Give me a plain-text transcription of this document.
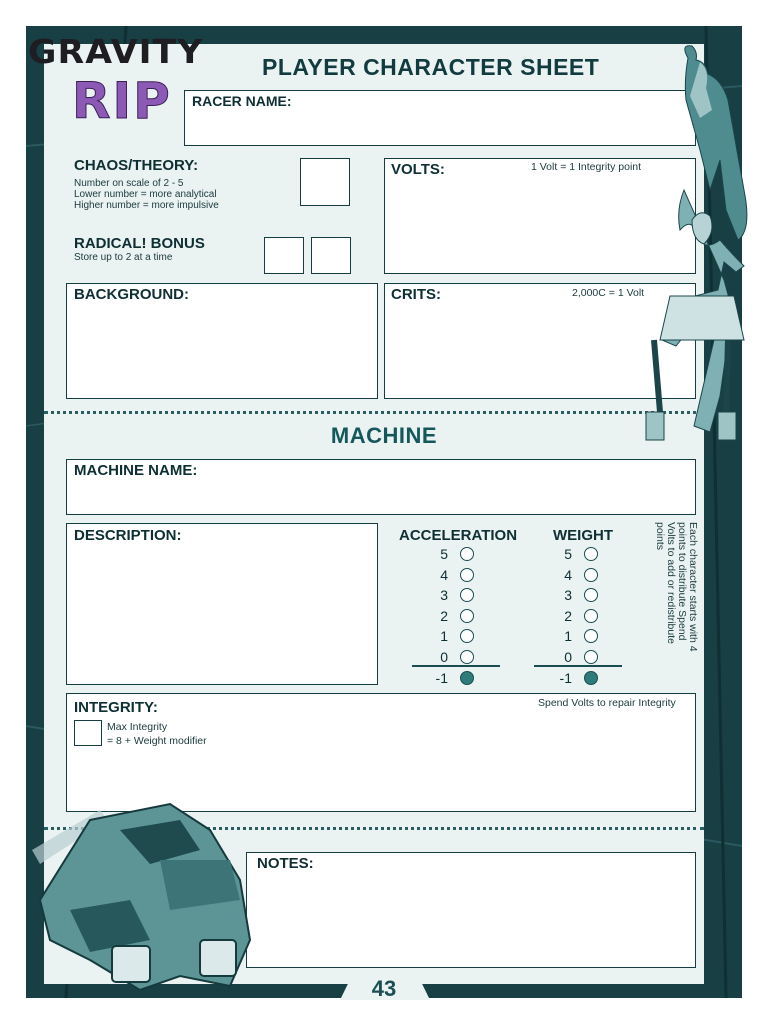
GRAVITY
RIP
PLAYER CHARACTER SHEET
RACER NAME:
CHAOS/THEORY:
Number on scale of 2 - 5
Lower number = more analytical
Higher number = more impulsive
RADICAL! BONUS
Store up to 2 at a time
VOLTS:	1 Volt = 1 Integrity point
BACKGROUND:	CRITS:	2,000C = 1 Volt
MACHINE
MACHINE NAME:
DESCRIPTION:	ACCELERATION
5
4
3
2
1
0
-1
WEIGHT
5
4
3
2
1
0
-1
Each character starts with 4 points to distribute Spend Volts to add or redistribute points
INTEGRITY:	Spend Volts to repair Integrity
Max Integrity
= 8 + Weight modifier
NOTES:
43
